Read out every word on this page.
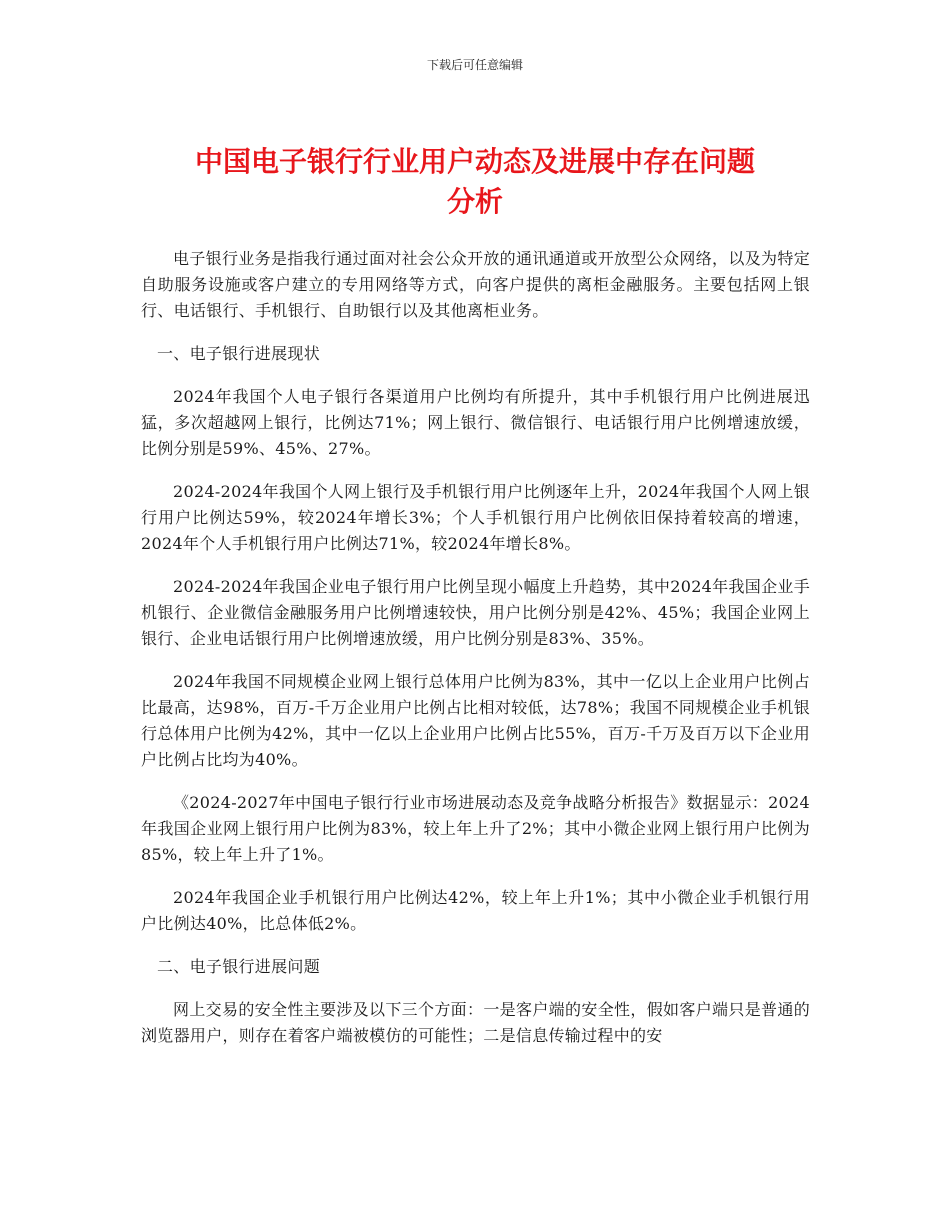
下载后可任意编辑
中国电子银行行业用户动态及进展中存在问题
分析

电子银行业务是指我行通过面对社会公众开放的通讯通道或开放型公众网络，以及为特定自助服务设施或客户建立的专用网络等方式，向客户提供的离柜金融服务。主要包括网上银行、电话银行、手机银行、自助银行以及其他离柜业务。

一、电子银行进展现状

2024年我国个人电子银行各渠道用户比例均有所提升，其中手机银行用户比例进展迅猛，多次超越网上银行，比例达71%；网上银行、微信银行、电话银行用户比例增速放缓，比例分别是59%、45%、27%。

2024-2024年我国个人网上银行及手机银行用户比例逐年上升，2024年我国个人网上银行用户比例达59%，较2024年增长3%；个人手机银行用户比例依旧保持着较高的增速，2024年个人手机银行用户比例达71%，较2024年增长8%。

2024-2024年我国企业电子银行用户比例呈现小幅度上升趋势，其中2024年我国企业手机银行、企业微信金融服务用户比例增速较快，用户比例分别是42%、45%；我国企业网上银行、企业电话银行用户比例增速放缓，用户比例分别是83%、35%。

2024年我国不同规模企业网上银行总体用户比例为83%，其中一亿以上企业用户比例占比最高，达98%，百万-千万企业用户比例占比相对较低，达78%；我国不同规模企业手机银行总体用户比例为42%，其中一亿以上企业用户比例占比55%，百万-千万及百万以下企业用户比例占比均为40%。

《2024-2027年中国电子银行行业市场进展动态及竞争战略分析报告》数据显示：2024年我国企业网上银行用户比例为83%，较上年上升了2%；其中小微企业网上银行用户比例为85%，较上年上升了1%。

2024年我国企业手机银行用户比例达42%，较上年上升1%；其中小微企业手机银行用户比例达40%，比总体低2%。

二、电子银行进展问题

网上交易的安全性主要涉及以下三个方面：一是客户端的安全性，假如客户端只是普通的浏览器用户，则存在着客户端被模仿的可能性；二是信息传输过程中的安
